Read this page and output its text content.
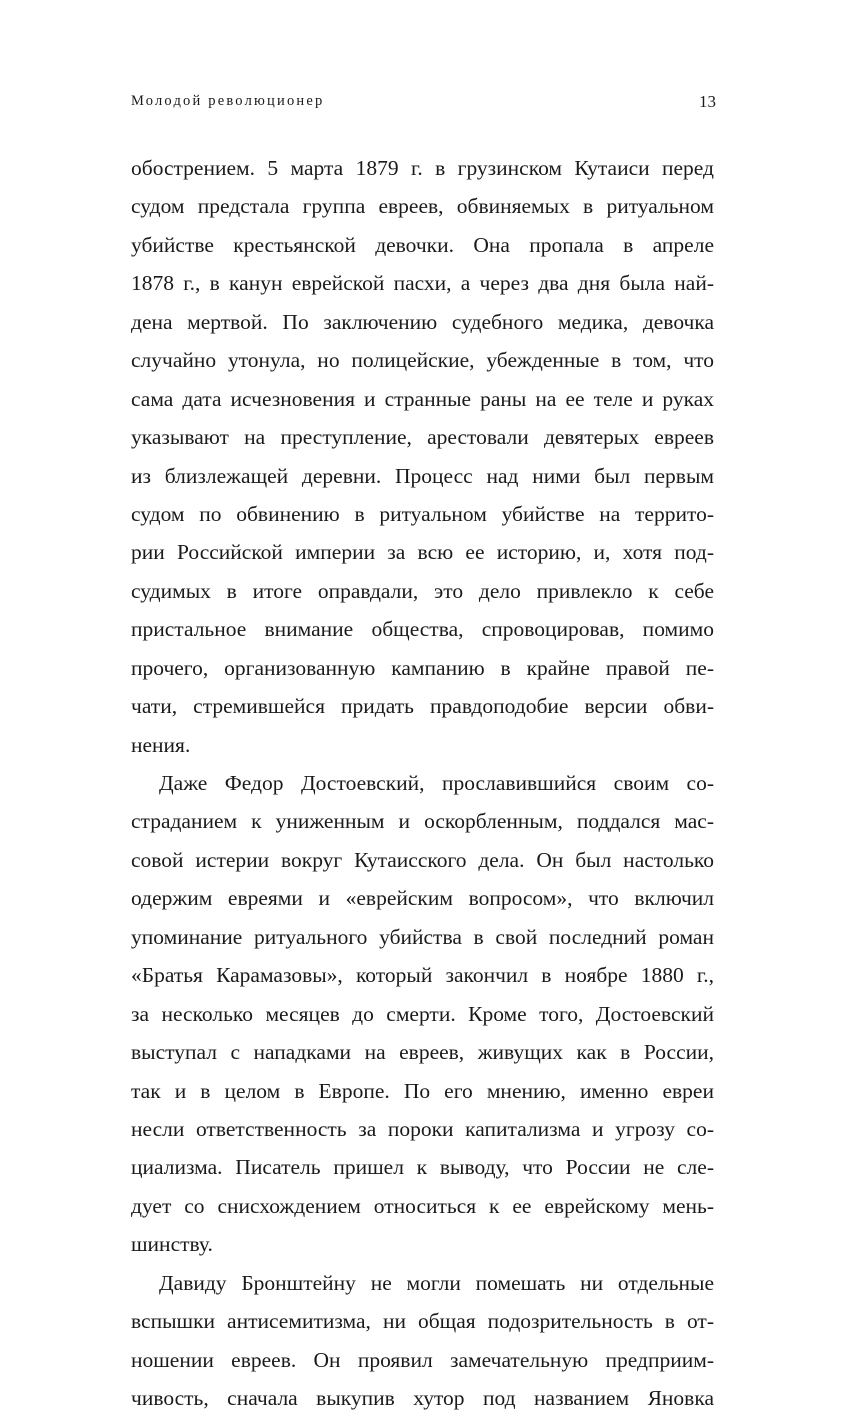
Молодой революционер	13
обострением. 5 марта 1879 г. в грузинском Кутаиси перед
судом предстала группа евреев, обвиняемых в ритуальном
убийстве крестьянской девочки. Она пропала в апреле
1878 г., в канун еврейской пасхи, а через два дня была най-
дена мертвой. По заключению судебного медика, девочка
случайно утонула, но полицейские, убежденные в том, что
сама дата исчезновения и странные раны на ее теле и руках
указывают на преступление, арестовали девятерых евреев
из близлежащей деревни. Процесс над ними был первым
судом по обвинению в ритуальном убийстве на террито-
рии Российской империи за всю ее историю, и, хотя под-
судимых в итоге оправдали, это дело привлекло к себе
пристальное внимание общества, спровоцировав, помимо
прочего, организованную кампанию в крайне правой пе-
чати, стремившейся придать правдоподобие версии обви-
нения.
Даже Федор Достоевский, прославившийся своим со-
страданием к униженным и оскорбленным, поддался мас-
совой истерии вокруг Кутаисского дела. Он был настолько
одержим евреями и «еврейским вопросом», что включил
упоминание ритуального убийства в свой последний роман
«Братья Карамазовы», который закончил в ноябре 1880 г.,
за несколько месяцев до смерти. Кроме того, Достоевский
выступал с нападками на евреев, живущих как в России,
так и в целом в Европе. По его мнению, именно евреи
несли ответственность за пороки капитализма и угрозу со-
циализма. Писатель пришел к выводу, что России не сле-
дует со снисхождением относиться к ее еврейскому мень-
шинству.
Давиду Бронштейну не могли помешать ни отдельные
вспышки антисемитизма, ни общая подозрительность в от-
ношении евреев. Он проявил замечательную предприим-
чивость, сначала выкупив хутор под названием Яновка
